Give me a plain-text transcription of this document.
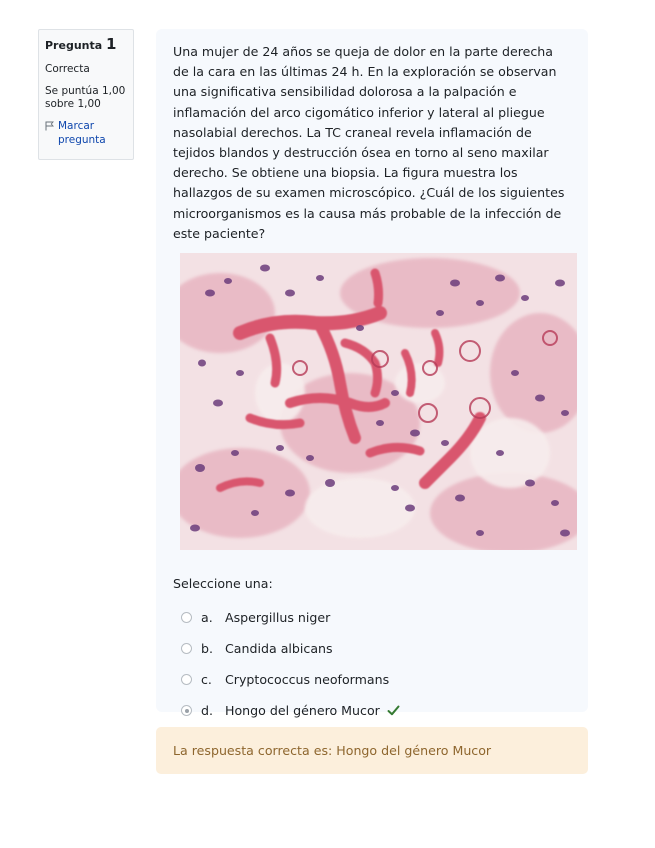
Pregunta 1
Correcta
Se puntúa 1,00 sobre 1,00
Marcar pregunta

Una mujer de 24 años se queja de dolor en la parte derecha de la cara en las últimas 24 h. En la exploración se observan una significativa sensibilidad dolorosa a la palpación e inflamación del arco cigomático inferior y lateral al pliegue nasolabial derechos. La TC craneal revela inflamación de tejidos blandos y destrucción ósea en torno al seno maxilar derecho. Se obtiene una biopsia. La figura muestra los hallazgos de su examen microscópico. ¿Cuál de los siguientes microorganismos es la causa más probable de la infección de este paciente?

Seleccione una:
a. Aspergillus niger
b. Candida albicans
c.	Cryptococcus neoformans
d. Hongo del género Mucor
La respuesta correcta es: Hongo del género Mucor
